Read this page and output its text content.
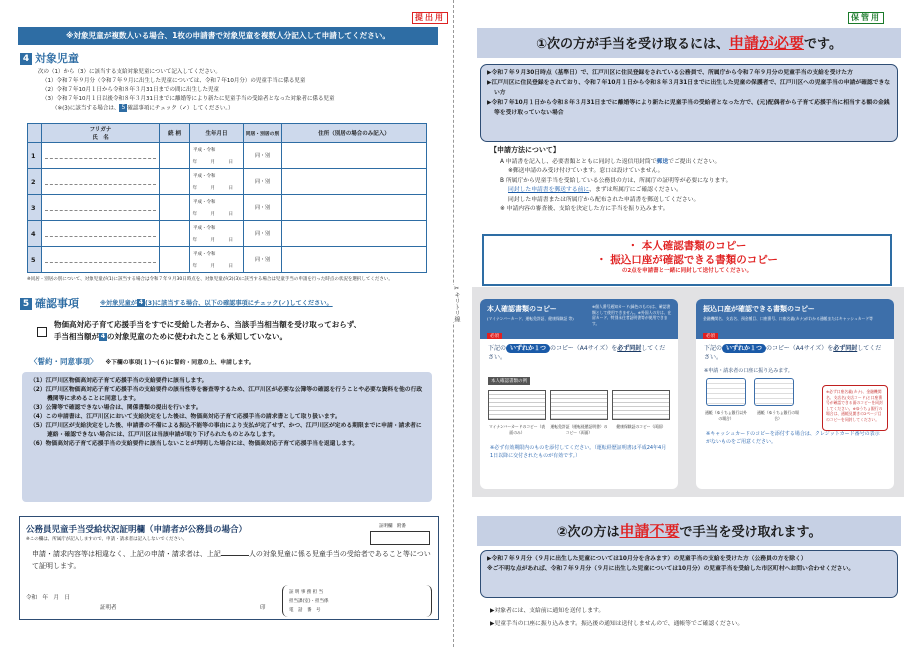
提出用
※対象児童が複数人いる場合、1枚の申請書で対象児童を複数人分記入して申請してください。
4 対象児童

次の（1）から（3）に該当する支給対象児童について記入してください。

（1）令和７年９月分（令和７年９月に出生した児童については、令和７年10月分）の児童手当に係る児童

（2）令和７年10月１日から令和８年３月31日までの間に出生した児童

（3）令和７年10月１日以後令和８年３月31日までに離婚等により新たに児童手当の受給者となった対象者に係る児童

（※(3)に該当する場合は、 5 確認事項にチェック（✓）してください。）

	フリガナ
氏　名	続 柄	生年月日	同居・別居の別	住所（別居の場合のみ記入）
1			平成・令和
年 月 日	同・別	
2			平成・令和
年 月 日	同・別	
3			平成・令和
年 月 日	同・別	
4			平成・令和
年 月 日	同・別	
5			平成・令和
年 月 日	同・別	
※同居・別居の別について、対象児童が(1)に該当する場合は令和７年９月30日時点を、対象児童が(2)(3)に該当する場合は児童手当の申請を行った時点の状況を選択してください。
5 確認事項	※対象児童が 4 (3)に該当する場合、以下の確認事項にチェック(✓)してください。
物価高対応子育て応援手当をすでに受給した者から、当該手当相当額を受け取っておらず、
手当相当額が 4 の対象児童のために使われたことも承知していない。
〈誓約・同意事項〉 ※下欄の事項(１)～(６)に誓約・同意の上、申請します。
（1）江戸川区物価高対応子育て応援手当の支給要件に該当します。
（2）江戸川区物価高対応子育て応援手当の支給要件の該当性等を審査等するため、江戸川区が必要な公簿等の確認を行うことや必要な資料を他の行政機関等に求めることに同意します。
（3）公簿等で確認できない場合は、関係書類の提出を行います。
（4）この申請書は、江戸川区において支給決定をした後は、物価高対応子育て応援手当の請求書として取り扱います。
（5）江戸川区が支給決定をした後、申請書の不備による振込不能等の事由により支払が完了せず、かつ、江戸川区が定める期限までに申請・請求者に連絡・確認できない場合には、江戸川区は当該申請が取り下げられたものとみなします。
（6）物価高対応子育て応援手当の支給要件に該当しないことが判明した場合には、物価高対応子育て応援手当を返還します。
公務員児童手当受給状況証明欄（申請者が公務員の場合）
※この欄は、所属庁が記入しますので、申請・請求者は記入しないでください。
証明欄　附番
申請・請求内容等は相違なく、上記の申請・請求者は、上記	人の対象児童に係る児童手当の受給者であること等について証明します。
令和　年　月　日
証明者	印
証 明 事 務 担 当
担当課(室)・担当係
電　話　番　号
✂キリトリ線
保管用
①次の方が手当を受け取るには、申請が必要です。

▶令和７年９月30日時点（基準日）で、江戸川区に住民登録をされている公務員で、所属庁から令和７年９月分の児童手当の支給を受けた方

▶江戸川区に住民登録をされており、令和７年10月１日から令和８年３月31日までに出生した児童の保護者で、江戸川区への児童手当の申請が確認できない方

▶令和７年10月１日から令和８年３月31日までに離婚等により新たに児童手当の受給者となった方で、(元)配偶者から子育て応援手当に相当する額の金銭等を受け取っていない場合

【申請方法について】
A 申請書を記入し、必要書類とともに同封した返信用封筒で郵送でご提出ください。
※郵送申請のみ受け付けています。窓口は設けていません。
B 所属庁から児童手当を受給している公務員の方は、所属庁の証明等が必要になります。
同封した申請書を郵送する前に、まずは所属庁にご確認ください。
同封した申請書または所属庁から配布された申請書を郵送してください。
※ 申請内容の審査後、支給を決定した方に手当を振り込みます。
・ 本人確認書類のコピー
・ 振込口座が確認できる書類のコピー
の2点を申請書と一緒に同封して送付してください。
本人確認書類のコピー
(マイナンバーカード、運転免許証、健康保険証 等)
必須
※個人番号通知カード(緑色のもの)は、確認書類として使用できません。※外国人の方は、在留カード、特別永住者証明書等が使用できます。
下記の いずれか１つ のコピー（A4サイズ）を必ず同封してください。
本人確認書類の例
マイナンバーカードのコピー（表面のみ）
運転免許証（運転経歴証明書）のコピー（両面）
健康保険証のコピー（両面）
※必ず有効期限内のものを添付してください。（運転経歴証明書は平成24年4月1日以降に交付されたものが有効です。）
振込口座が確認できる書類のコピー
金融機関名、支店名、預金種目、口座番号、口座名義(カナ)がわかる通帳またはキャッシュカード等
必須
下記の いずれか１つ のコピー（A4サイズ）を必ず同封してください。
※申請・請求者の口座に振り込みます。
通帳（ゆうちょ銀行以外の場合）
通帳（ゆうちょ銀行の場合）
※必ず口座名義(カナ)、金融機関名、支店名(支店コード)と口座番号が確認できる面のコピーを同封してください。※ゆうちょ銀行の場合は、通帳見開きの2ページ目のコピーを同封してください。
※キャッシュカードのコピーを添付する場合は、クレジットカード番号の表示がないものをご用意ください。
②次の方は申請不要で手当を受け取れます。

▶令和７年９月分（９月に出生した児童については10月分を含みます）の児童手当の支給を受けた方（公務員の方を除く）

※ご不明な点があれば、令和７年９月分（９月に出生した児童については10月分）の児童手当を受給した市区町村へお問い合わせください。

▶対象者には、支給前に通知を送付します。
▶児童手当の口座に振り込みます。振込後の通知は送付しませんので、通帳等でご確認ください。
